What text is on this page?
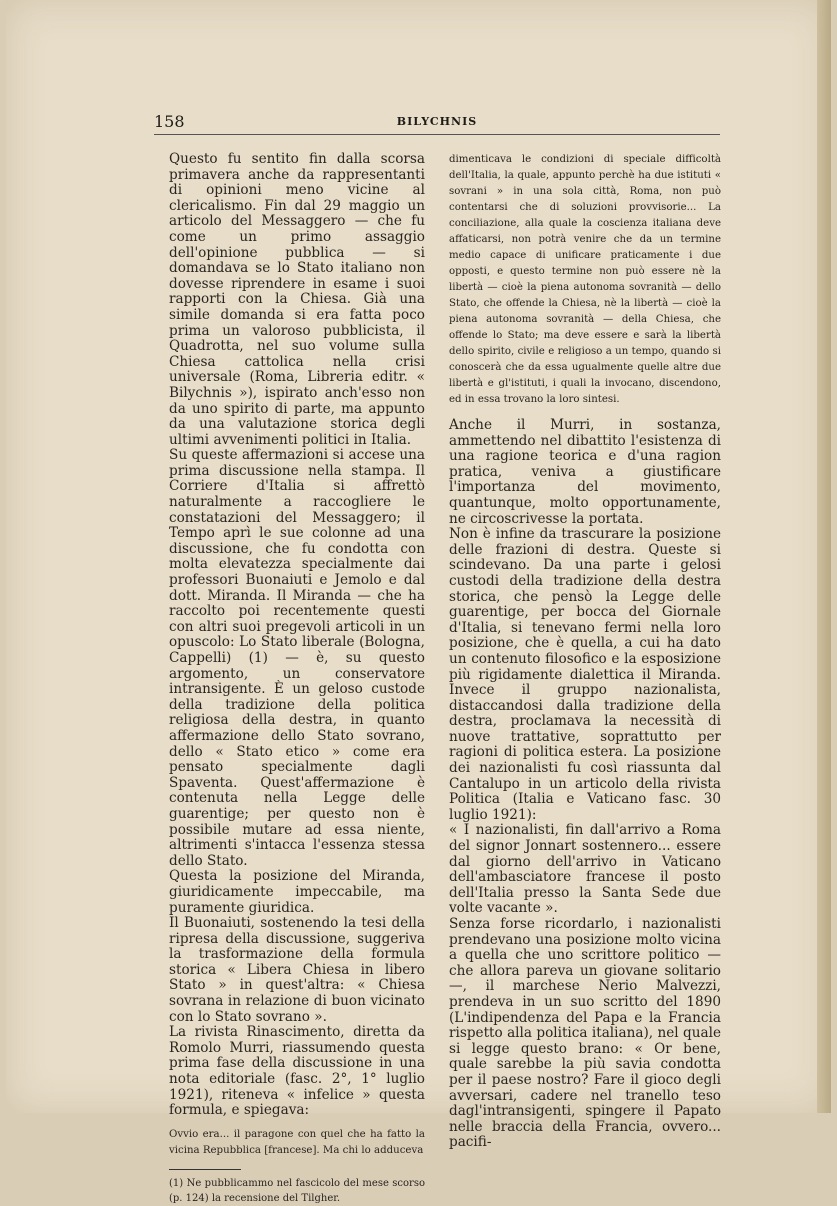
158	BILYCHNIS

Questo fu sentito fin dalla scorsa primavera anche da rappresentanti di opinioni meno vicine al clericalismo. Fin dal 29 maggio un articolo del Messaggero — che fu come un primo assaggio dell'opinione pubblica — si domandava se lo Stato italiano non dovesse riprendere in esame i suoi rapporti con la Chiesa. Già una simile domanda si era fatta poco prima un valoroso pubblicista, il Quadrotta, nel suo volume sulla Chiesa cattolica nella crisi universale (Roma, Libreria editr. « Bilychnis »), ispirato anch'esso non da uno spirito di parte, ma appunto da una valutazione storica degli ultimi avvenimenti politici in Italia.

Su queste affermazioni si accese una prima discussione nella stampa. Il Corriere d'Italia si affrettò naturalmente a raccogliere le constatazioni del Messaggero; il Tempo aprì le sue colonne ad una discussione, che fu condotta con molta elevatezza specialmente dai professori Buonaiuti e Jemolo e dal dott. Miranda. Il Miranda — che ha raccolto poi recentemente questi con altri suoi pregevoli articoli in un opuscolo: Lo Stato liberale (Bologna, Cappelli) (1) — è, su questo argomento, un conservatore intransigente. È un geloso custode della tradizione della politica religiosa della destra, in quanto affermazione dello Stato sovrano, dello « Stato etico » come era pensato specialmente dagli Spaventa. Quest'affermazione è contenuta nella Legge delle guarentige; per questo non è possibile mutare ad essa niente, altrimenti s'intacca l'essenza stessa dello Stato.

Questa la posizione del Miranda, giuridicamente impeccabile, ma puramente giuridica.

Il Buonaiuti, sostenendo la tesi della ripresa della discussione, suggeriva la trasformazione della formula storica « Libera Chiesa in libero Stato » in quest'altra: « Chiesa sovrana in relazione di buon vicinato con lo Stato sovrano ».

La rivista Rinascimento, diretta da Romolo Murri, riassumendo questa prima fase della discussione in una nota editoriale (fasc. 2°, 1° luglio 1921), riteneva « infelice » questa formula, e spiegava:

Ovvio era... il paragone con quel che ha fatto la vicina Repubblica [francese]. Ma chi lo adduceva

(1) Ne pubblicammo nel fascicolo del mese scorso (p. 124) la recensione del Tilgher.

dimenticava le condizioni di speciale difficoltà dell'Italia, la quale, appunto perchè ha due istituti « sovrani » in una sola città, Roma, non può contentarsi che di soluzioni provvisorie... La conciliazione, alla quale la coscienza italiana deve affaticarsi, non potrà venire che da un termine medio capace di unificare praticamente i due opposti, e questo termine non può essere nè la libertà — cioè la piena autonoma sovranità — dello Stato, che offende la Chiesa, nè la libertà — cioè la piena autonoma sovranità — della Chiesa, che offende lo Stato; ma deve essere e sarà la libertà dello spirito, civile e religioso a un tempo, quando si conoscerà che da essa ugualmente quelle altre due libertà e gl'istituti, i quali la invocano, discendono, ed in essa trovano la loro sintesi.

Anche il Murri, in sostanza, ammettendo nel dibattito l'esistenza di una ragione teorica e d'una ragion pratica, veniva a giustificare l'importanza del movimento, quantunque, molto opportunamente, ne circoscrivesse la portata.

Non è infine da trascurare la posizione delle frazioni di destra. Queste si scindevano. Da una parte i gelosi custodi della tradizione della destra storica, che pensò la Legge delle guarentige, per bocca del Giornale d'Italia, si tenevano fermi nella loro posizione, che è quella, a cui ha dato un contenuto filosofico e la esposizione più rigidamente dialettica il Miranda. Invece il gruppo nazionalista, distaccandosi dalla tradizione della destra, proclamava la necessità di nuove trattative, soprattutto per ragioni di politica estera. La posizione dei nazionalisti fu così riassunta dal Cantalupo in un articolo della rivista Politica (Italia e Vaticano fasc. 30 luglio 1921):

« I nazionalisti, fin dall'arrivo a Roma del signor Jonnart sostennero... essere dal giorno dell'arrivo in Vaticano dell'ambasciatore francese il posto dell'Italia presso la Santa Sede due volte vacante ».

Senza forse ricordarlo, i nazionalisti prendevano una posizione molto vicina a quella che uno scrittore politico — che allora pareva un giovane solitario —, il marchese Nerio Malvezzi, prendeva in un suo scritto del 1890 (L'indipendenza del Papa e la Francia rispetto alla politica italiana), nel quale si legge questo brano: « Or bene, quale sarebbe la più savia condotta per il paese nostro? Fare il gioco degli avversari, cadere nel tranello teso dagl'intransigenti, spingere il Papato nelle braccia della Francia, ovvero... pacifi-
